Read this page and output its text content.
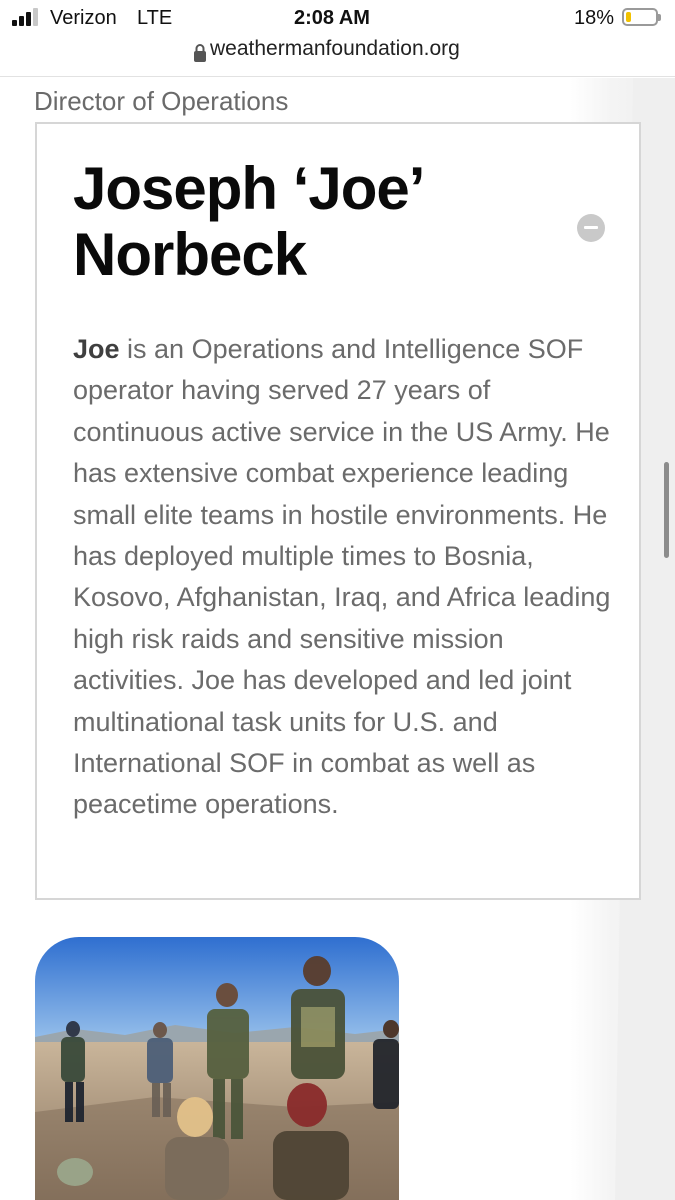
Verizon LTE	2:08 AM	18%
weathermanfoundation.org
Director of Operations
Joseph ‘Joe’ Norbeck

Joe is an Operations and Intelligence SOF operator having served 27 years of continuous active service in the US Army. He has extensive combat experience leading small elite teams in hostile environments. He has deployed multiple times to Bosnia, Kosovo, Afghanistan, Iraq, and Africa leading high risk raids and sensitive mission activities. Joe has developed and led joint multinational task units for U.S. and International SOF in combat as well as peacetime operations.
